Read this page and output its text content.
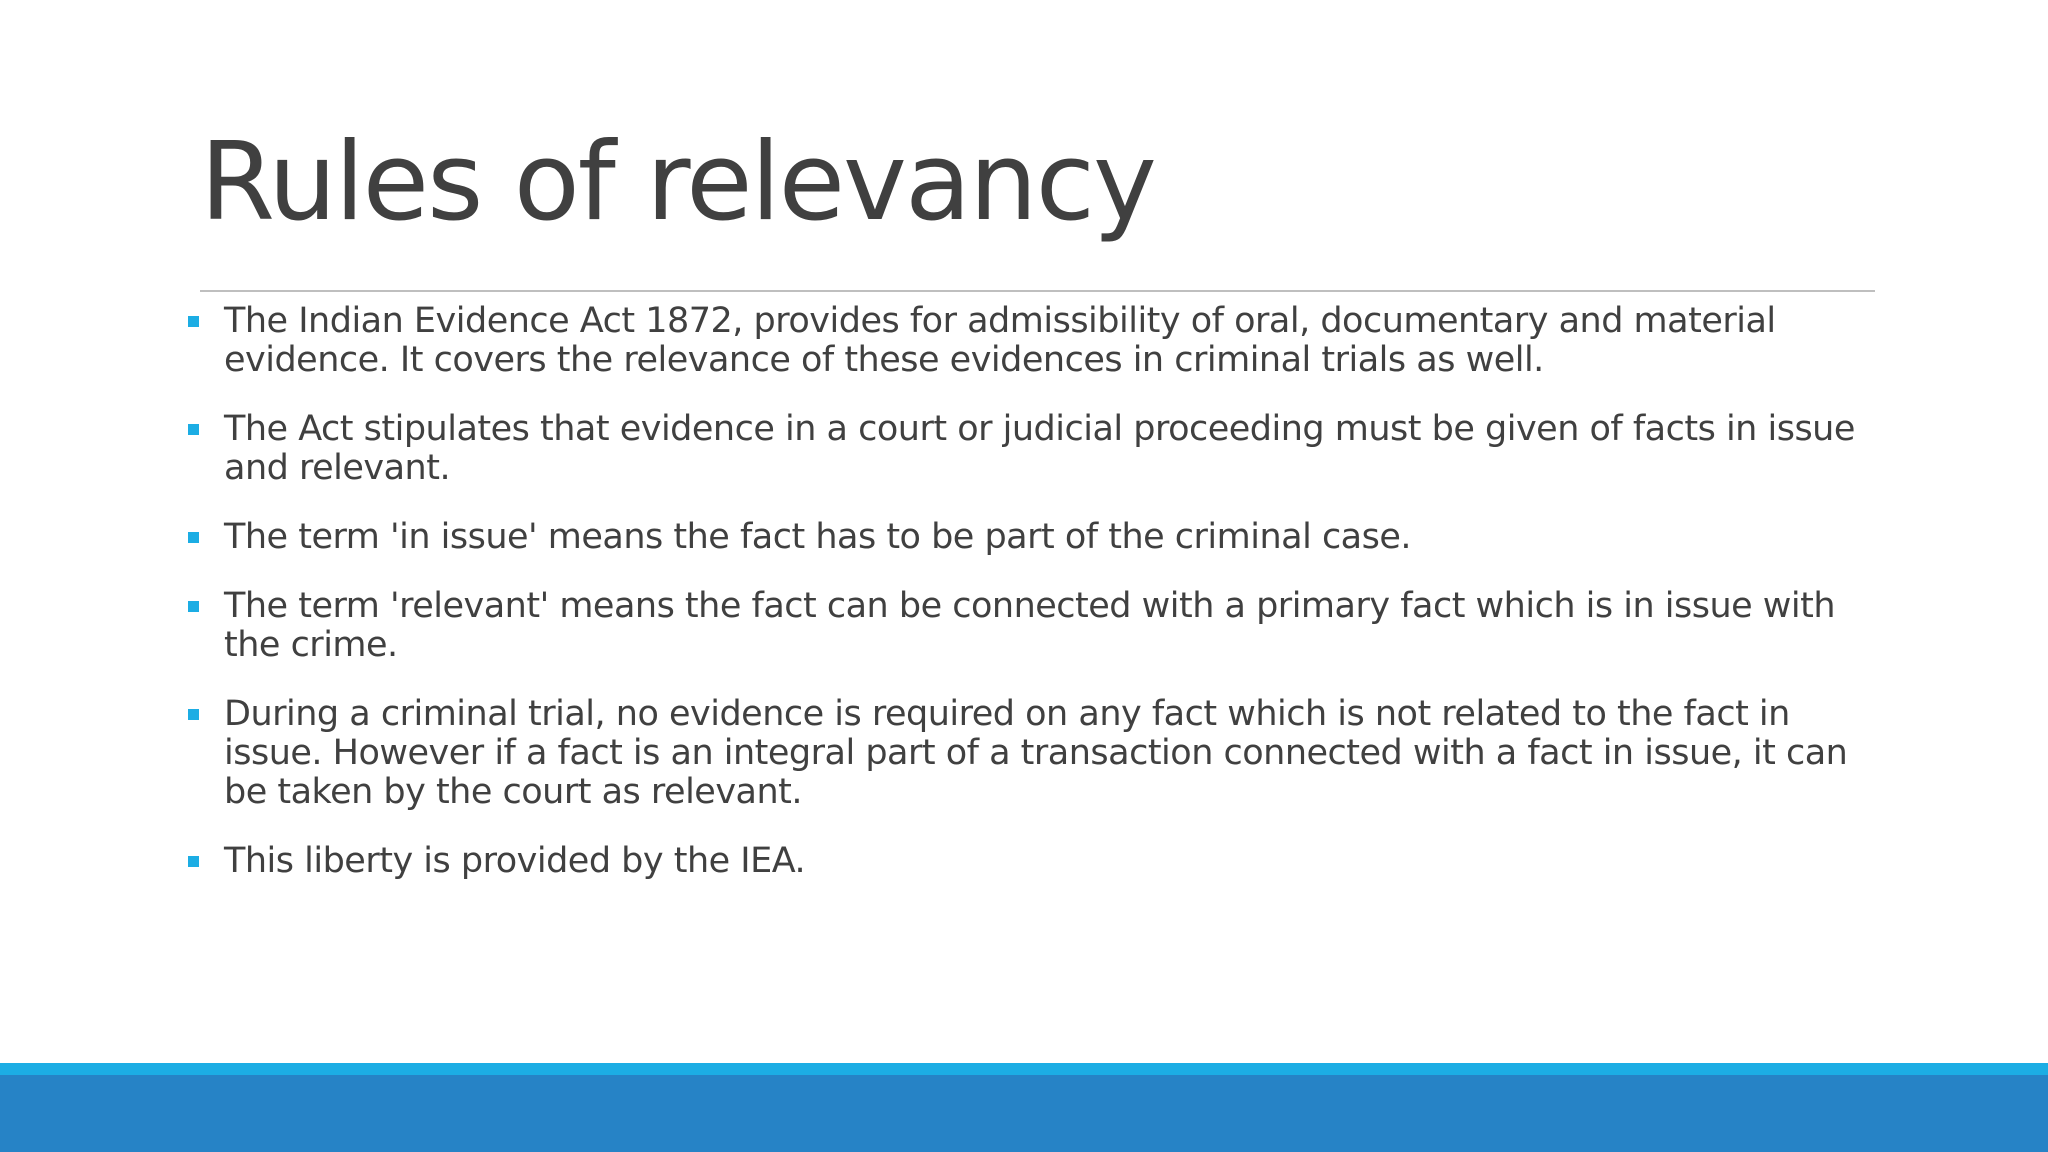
Rules of relevancy
The Indian Evidence Act 1872, provides for admissibility of oral, documentary and material evidence. It covers the relevance of these evidences in criminal trials as well.
The Act stipulates that evidence in a court or judicial proceeding must be given of facts in issue and relevant.
The term 'in issue' means the fact has to be part of the criminal case.
The term 'relevant' means the fact can be connected with a primary fact which is in issue with the crime.
During a criminal trial, no evidence is required on any fact which is not related to the fact in issue. However if a fact is an integral part of a transaction connected with a fact in issue, it can be taken by the court as relevant.
This liberty is provided by the IEA.
